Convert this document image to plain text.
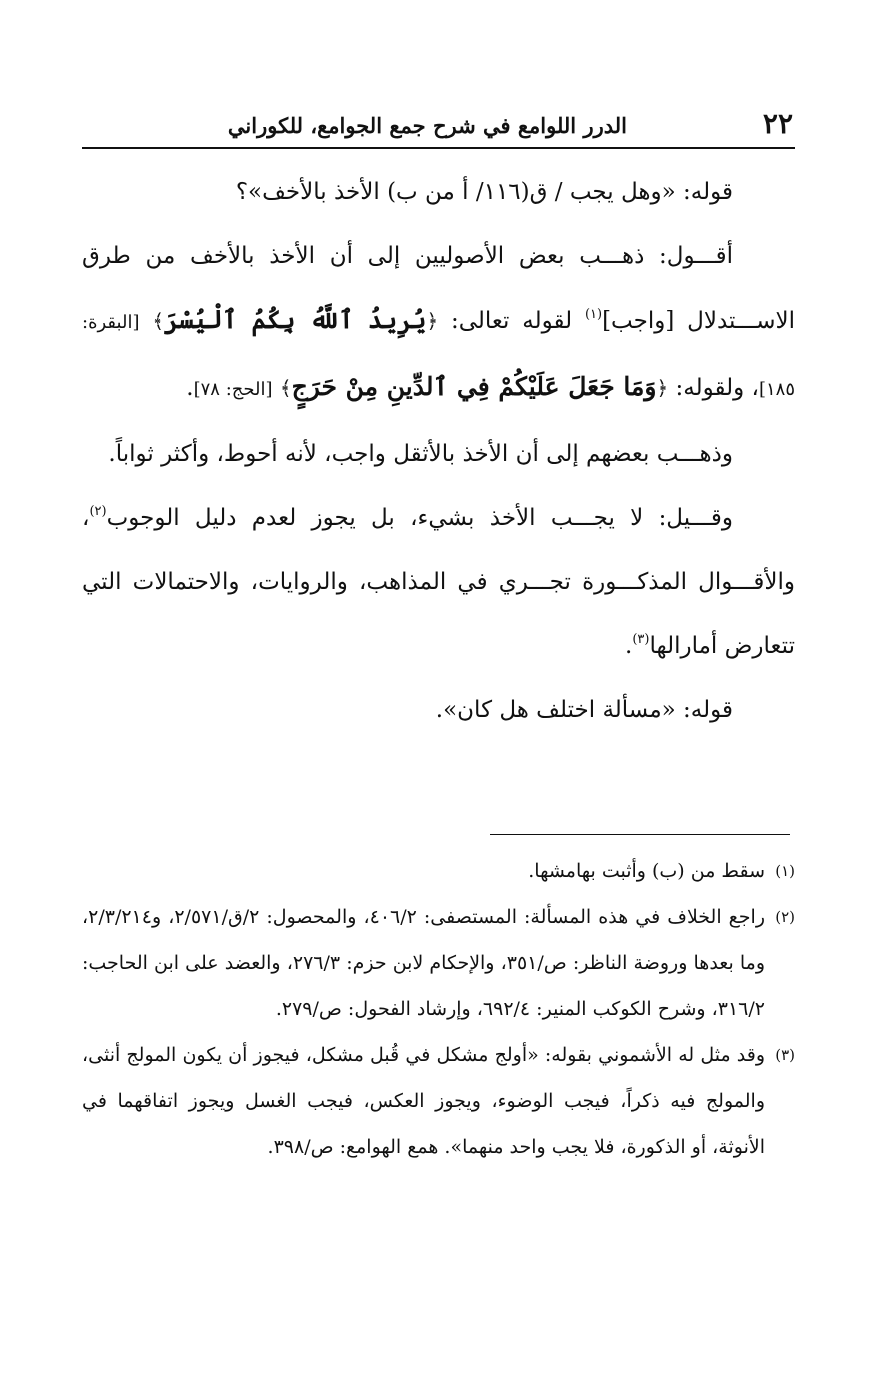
٢٢
الدرر اللوامع في شرح جمع الجوامع، للكوراني

قوله: «وهل يجب / ق(١١٦/ أ من ب) الأخذ بالأخف»؟

أقـــول: ذهـــب بعض الأصوليين إلى أن الأخذ بالأخف من طرق الاســـتدلال [واجب]$^{(١)}$ لقوله تعالى: ﴿يُرِيدُ ٱللَّهُ بِكُمُ ٱلْيُسْرَ﴾ [البقرة: ١٨٥]، ولقوله: ﴿وَمَا جَعَلَ عَلَيْكُمْ فِي ٱلدِّينِ مِنْ حَرَجٍ﴾ [الحج: ٧٨].

وذهـــب بعضهم إلى أن الأخذ بالأثقل واجب، لأنه أحوط، وأكثر ثواباً.

وقـــيل: لا يجـــب الأخذ بشيء، بل يجوز لعدم دليل الوجوب$^{(٢)}$، والأقـــوال المذكـــورة تجـــري في المذاهب، والروايات، والاحتمالات التي تتعارض أمارالها$^{(٣)}$.

قوله: «مسألة اختلف هل كان».

(١)
سقط من (ب) وأثبت بهامشها.

(٢)
راجع الخلاف في هذه المسألة: المستصفى: ٤٠٦/٢، والمحصول: ٢/ق/٢/٥٧١، و٢/٣/٢١٤، وما بعدها وروضة الناظر: ص/٣٥١، والإحكام لابن حزم: ٢٧٦/٣، والعضد على ابن الحاجب: ٣١٦/٢، وشرح الكوكب المنير: ٦٩٢/٤، وإرشاد الفحول: ص/٢٧٩.

(٣)
وقد مثل له الأشموني بقوله: «أولج مشكل في قُبل مشكل، فيجوز أن يكون المولج أنثى، والمولج فيه ذكراً، فيجب الوضوء، ويجوز العكس، فيجب الغسل ويجوز اتفاقهما في الأنوثة، أو الذكورة، فلا يجب واحد منهما». همع الهوامع: ص/٣٩٨.
